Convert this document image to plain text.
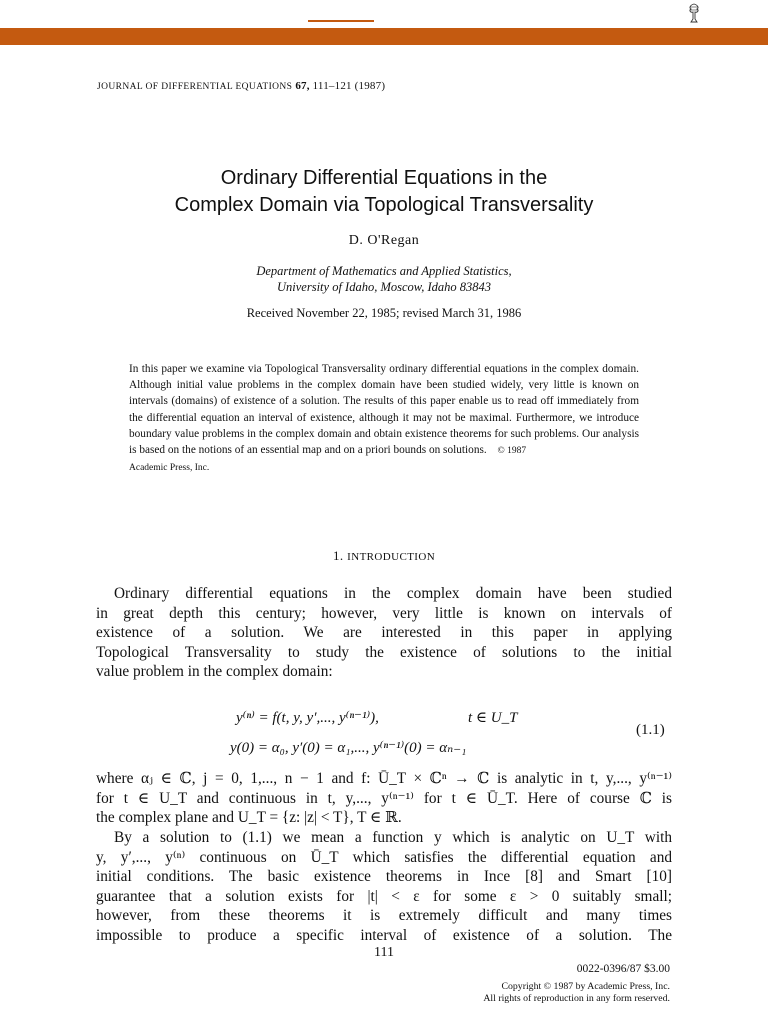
JOURNAL OF DIFFERENTIAL EQUATIONS 67, 111–121 (1987)
Ordinary Differential Equations in the
Complex Domain via Topological Transversality
D. O'Regan
Department of Mathematics and Applied Statistics,
University of Idaho, Moscow, Idaho 83843
Received November 22, 1985; revised March 31, 1986
In this paper we examine via Topological Transversality ordinary differential equations in the complex domain. Although initial value problems in the complex domain have been studied widely, very little is known on intervals (domains) of existence of a solution. The results of this paper enable us to read off immediately from the differential equation an interval of existence, although it may not be maximal. Furthermore, we introduce boundary value problems in the complex domain and obtain existence theorems for such problems. Our analysis is based on the notions of an essential map and on a priori bounds on solutions. © 1987
Academic Press, Inc.
1. INTRODUCTION
Ordinary differential equations in the complex domain have been studied
in great depth this century; however, very little is known on intervals of
existence of a solution. We are interested in this paper in applying
Topological Transversality to study the existence of solutions to the initial
value problem in the complex domain:
y⁽ⁿ⁾ = f(t, y, y′,..., y⁽ⁿ⁻¹⁾),	t ∈ U_T
(1.1)
y(0) = α₀, y′(0) = α₁,..., y⁽ⁿ⁻¹⁾(0) = αₙ₋₁
where αⱼ ∈ ℂ, j = 0, 1,..., n − 1 and f: Ū_T × ℂⁿ → ℂ is analytic in t, y,..., y⁽ⁿ⁻¹⁾
for t ∈ U_T and continuous in t, y,..., y⁽ⁿ⁻¹⁾ for t ∈ Ū_T. Here of course ℂ is
the complex plane and U_T = {z: |z| < T}, T ∈ ℝ.
By a solution to (1.1) we mean a function y which is analytic on U_T with
y, y′,..., y⁽ⁿ⁾ continuous on Ū_T which satisfies the differential equation and
initial conditions. The basic existence theorems in Ince [8] and Smart [10]
guarantee that a solution exists for |t| < ε for some ε > 0 suitably small;
however, from these theorems it is extremely difficult and many times
impossible to produce a specific interval of existence of a solution. The
111
0022-0396/87 $3.00
Copyright © 1987 by Academic Press, Inc.
All rights of reproduction in any form reserved.
